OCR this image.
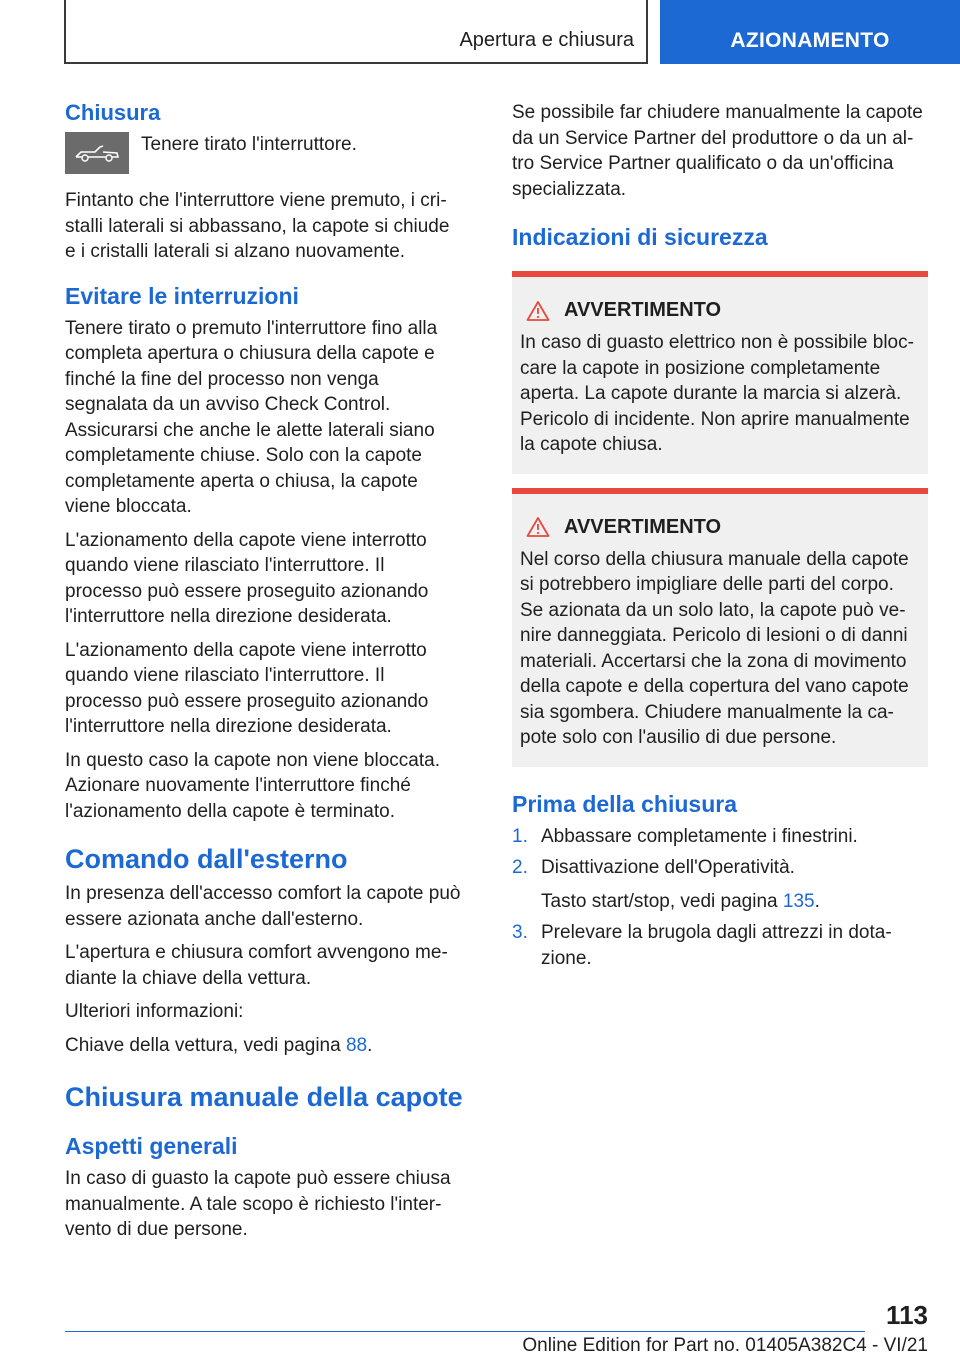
Apertura e chiusura	AZIONAMENTO
Chiusura

Tenere tirato l'interruttore.

Fintanto che l'interruttore viene premuto, i cristalli laterali si abbassano, la capote si chiude e i cristalli laterali si alzano nuovamente.

Evitare le interruzioni

Tenere tirato o premuto l'interruttore fino alla completa apertura o chiusura della capote e finché la fine del processo non venga segnalata da un avviso Check Control. Assicurarsi che anche le alette laterali siano completamente chiuse. Solo con la capote completamente aperta o chiusa, la capote viene bloccata.

L'azionamento della capote viene interrotto quando viene rilasciato l'interruttore. Il processo può essere proseguito azionando l'interruttore nella direzione desiderata.

L'azionamento della capote viene interrotto quando viene rilasciato l'interruttore. Il processo può essere proseguito azionando l'interruttore nella direzione desiderata.

In questo caso la capote non viene bloccata. Azionare nuovamente l'interruttore finché l'azionamento della capote è terminato.

Comando dall'esterno

In presenza dell'accesso comfort la capote può essere azionata anche dall'esterno.

L'apertura e chiusura comfort avvengono mediante la chiave della vettura.

Ulteriori informazioni:

Chiave della vettura, vedi pagina 88.

Chiusura manuale della capote
Aspetti generali

In caso di guasto la capote può essere chiusa manualmente. A tale scopo è richiesto l'intervento di due persone.

Se possibile far chiudere manualmente la capote da un Service Partner del produttore o da un altro Service Partner qualificato o da un'officina specializzata.

Indicazioni di sicurezza
AVVERTIMENTO

In caso di guasto elettrico non è possibile bloccare la capote in posizione completamente aperta. La capote durante la marcia si alzerà. Pericolo di incidente. Non aprire manualmente la capote chiusa.

AVVERTIMENTO

Nel corso della chiusura manuale della capote si potrebbero impigliare delle parti del corpo. Se azionata da un solo lato, la capote può venire danneggiata. Pericolo di lesioni o di danni materiali. Accertarsi che la zona di movimento della capote e della copertura del vano capote sia sgombera. Chiudere manualmente la capote solo con l'ausilio di due persone.

Prima della chiusura
1. Abbassare completamente i finestrini.
2. Disattivazione dell'Operatività.
Tasto start/stop, vedi pagina 135.
3. Prelevare la brugola dagli attrezzi in dotazione.
113
Online Edition for Part no. 01405A382C4 - VI/21
